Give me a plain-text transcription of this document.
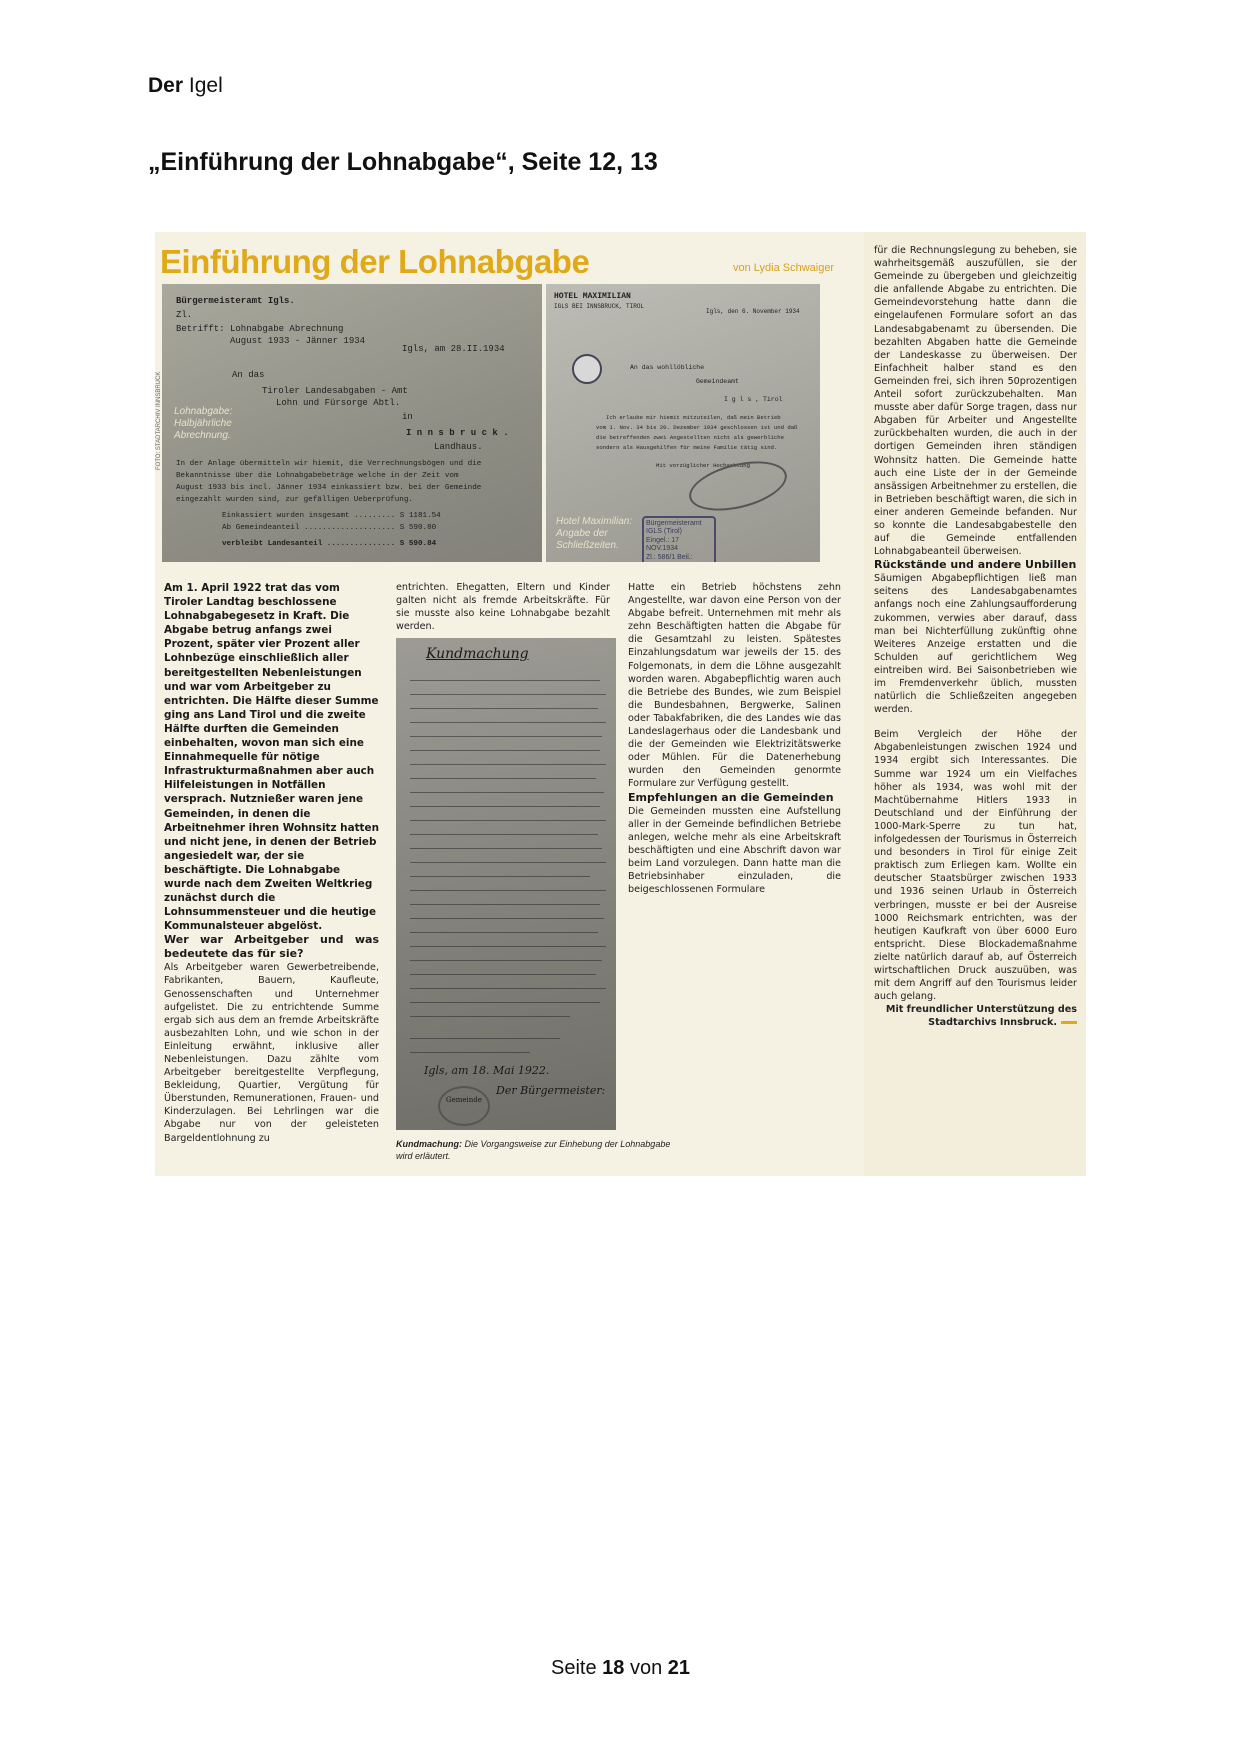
Der Igel
„Einführung der Lohnabgabe“, Seite 12, 13
Einführung der Lohnabgabe	von Lydia Schwaiger
Bürgermeisteramt Igls.
Zl.
Betrifft: Lohnabgabe Abrechnung
August 1933 - Jänner 1934
Igls, am 28.II.1934
An das
Tiroler Landesabgaben - Amt
Lohn und Fürsorge Abtl.
in
I n n s b r u c k .
Landhaus.
In der Anlage übermitteln wir hiemit, die Verrechnungsbögen und die
Bekanntnisse über die Lohnabgabebeträge welche in der Zeit vom
August 1933 bis incl. Jänner 1934 einkassiert bzw. bei der Gemeinde
eingezahlt wurden sind, zur gefälligen Ueberprüfung.
Einkassiert wurden insgesamt ......... S 1181.54
Ab Gemeindeanteil .................... S 590.80
verbleibt Landesanteil ............... S 590.84
Lohnabgabe:
Halbjährliche Abrechnung.
FOTO: STADTARCHIV INNSBRUCK
HOTEL MAXIMILIAN
IGLS BEI INNSBRUCK, TIROL
Igls, den 6. November 1934
An das wohllöbliche
Gemeindeamt
I g l s , Tirol
Ich erlaube mir hiemit mitzuteilen, daß mein Betrieb
vom 1. Nov. 34 bis 20. Dezember 1934 geschlossen ist und daß
die betreffenden zwei Angestellten nicht als gewerbliche
sondern als Hausgehilfen für meine Familie tätig sind.
Mit vorzüglicher Hochachtung
Bürgermeisteramt
IGLS (Tirol)
Eingel.: 17 NOV.1934
Zl.: 586/1 Beil.:
Hotel Maximilian:
Angabe der Schließzeiten.
Kundmachung
Igls, am 18. Mai 1922.
Der Bürgermeister:
Gemeinde
Kundmachung: Die Vorgangsweise zur Einhebung der Lohnabgabe wird erläutert.

Am 1. April 1922 trat das vom Tiroler Landtag beschlossene Lohnabgabegesetz in Kraft. Die Abgabe betrug anfangs zwei Prozent, später vier Prozent aller Lohnbezüge einschließlich aller bereitgestellten Nebenleistungen und war vom Arbeitgeber zu entrichten. Die Hälfte dieser Summe ging ans Land Tirol und die zweite Hälfte durften die Gemeinden einbehalten, wovon man sich eine Einnahmequelle für nötige Infrastrukturmaßnahmen aber auch Hilfeleistungen in Notfällen versprach. Nutznießer waren jene Gemeinden, in denen die Arbeitnehmer ihren Wohnsitz hatten und nicht jene, in denen der Betrieb angesiedelt war, der sie beschäftigte. Die Lohnabgabe wurde nach dem Zweiten Weltkrieg zunächst durch die Lohnsummensteuer und die heutige Kommunalsteuer abgelöst.

Wer war Arbeitgeber und was bedeutete das für sie?

Als Arbeitgeber waren Gewerbetreibende, Fabrikanten, Bauern, Kaufleute, Genossenschaften und Unternehmer aufgelistet. Die zu entrichtende Summe ergab sich aus dem an fremde Arbeitskräfte ausbezahlten Lohn, und wie schon in der Einleitung erwähnt, inklusive aller Nebenleistungen. Dazu zählte vom Arbeitgeber bereitgestellte Verpflegung, Bekleidung, Quartier, Vergütung für Überstunden, Remunerationen, Frauen- und Kinderzulagen. Bei Lehrlingen war die Abgabe nur von der geleisteten Bargeldentlohnung zu

entrichten. Ehegatten, Eltern und Kinder galten nicht als fremde Arbeitskräfte. Für sie musste also keine Lohnabgabe bezahlt werden.

Hatte ein Betrieb höchstens zehn Angestellte, war davon eine Person von der Abgabe befreit. Unternehmen mit mehr als zehn Beschäftigten hatten die Abgabe für die Gesamtzahl zu leisten. Spätestes Einzahlungsdatum war jeweils der 15. des Folgemonats, in dem die Löhne ausgezahlt worden waren. Abgabepflichtig waren auch die Betriebe des Bundes, wie zum Beispiel die Bundesbahnen, Bergwerke, Salinen oder Tabakfabriken, die des Landes wie das Landeslagerhaus oder die Landesbank und die der Gemeinden wie Elektrizitätswerke oder Mühlen. Für die Datenerhebung wurden den Gemeinden genormte Formulare zur Verfügung gestellt.

Empfehlungen an die Gemeinden

Die Gemeinden mussten eine Aufstellung aller in der Gemeinde befindlichen Betriebe anlegen, welche mehr als eine Arbeitskraft beschäftigten und eine Abschrift davon war beim Land vorzulegen. Dann hatte man die Betriebsinhaber einzuladen, die beigeschlossenen Formulare

für die Rechnungslegung zu beheben, sie wahrheitsgemäß auszufüllen, sie der Gemeinde zu übergeben und gleichzeitig die anfallende Abgabe zu entrichten. Die Gemeindevorstehung hatte dann die eingelaufenen Formulare sofort an das Landesabgabenamt zu übersenden. Die bezahlten Abgaben hatte die Gemeinde der Landeskasse zu überweisen. Der Einfachheit halber stand es den Gemeinden frei, sich ihren 50prozentigen Anteil sofort zurückzubehalten. Man musste aber dafür Sorge tragen, dass nur Abgaben für Arbeiter und Angestellte zurückbehalten wurden, die auch in der dortigen Gemeinden ihren ständigen Wohnsitz hatten. Die Gemeinde hatte auch eine Liste der in der Gemeinde ansässigen Arbeitnehmer zu erstellen, die in Betrieben beschäftigt waren, die sich in einer anderen Gemeinde befanden. Nur so konnte die Landesabgabestelle den auf die Gemeinde entfallenden Lohnabgabeanteil überweisen.

Rückstände und andere Unbillen

Säumigen Abgabepflichtigen ließ man seitens des Landesabgabenamtes anfangs noch eine Zahlungsaufforderung zukommen, verwies aber darauf, dass man bei Nichterfüllung zukünftig ohne Weiteres Anzeige erstatten und die Schulden auf gerichtlichem Weg eintreiben wird. Bei Saisonbetrieben wie im Fremdenverkehr üblich, mussten natürlich die Schließzeiten angegeben werden.

Beim Vergleich der Höhe der Abgabenleistungen zwischen 1924 und 1934 ergibt sich Interessantes. Die Summe war 1924 um ein Vielfaches höher als 1934, was wohl mit der Machtübernahme Hitlers 1933 in Deutschland und der Einführung der 1000-Mark-Sperre zu tun hat, infolgedessen der Tourismus in Österreich und besonders in Tirol für einige Zeit praktisch zum Erliegen kam. Wollte ein deutscher Staatsbürger zwischen 1933 und 1936 seinen Urlaub in Österreich verbringen, musste er bei der Ausreise 1000 Reichsmark entrichten, was der heutigen Kaufkraft von über 6000 Euro entspricht. Diese Blockademaßnahme zielte natürlich darauf ab, auf Österreich wirtschaftlichen Druck auszuüben, was mit dem Angriff auf den Tourismus leider auch gelang.

Mit freundlicher Unterstützung des Stadtarchivs Innsbruck.

Seite 18 von 21
